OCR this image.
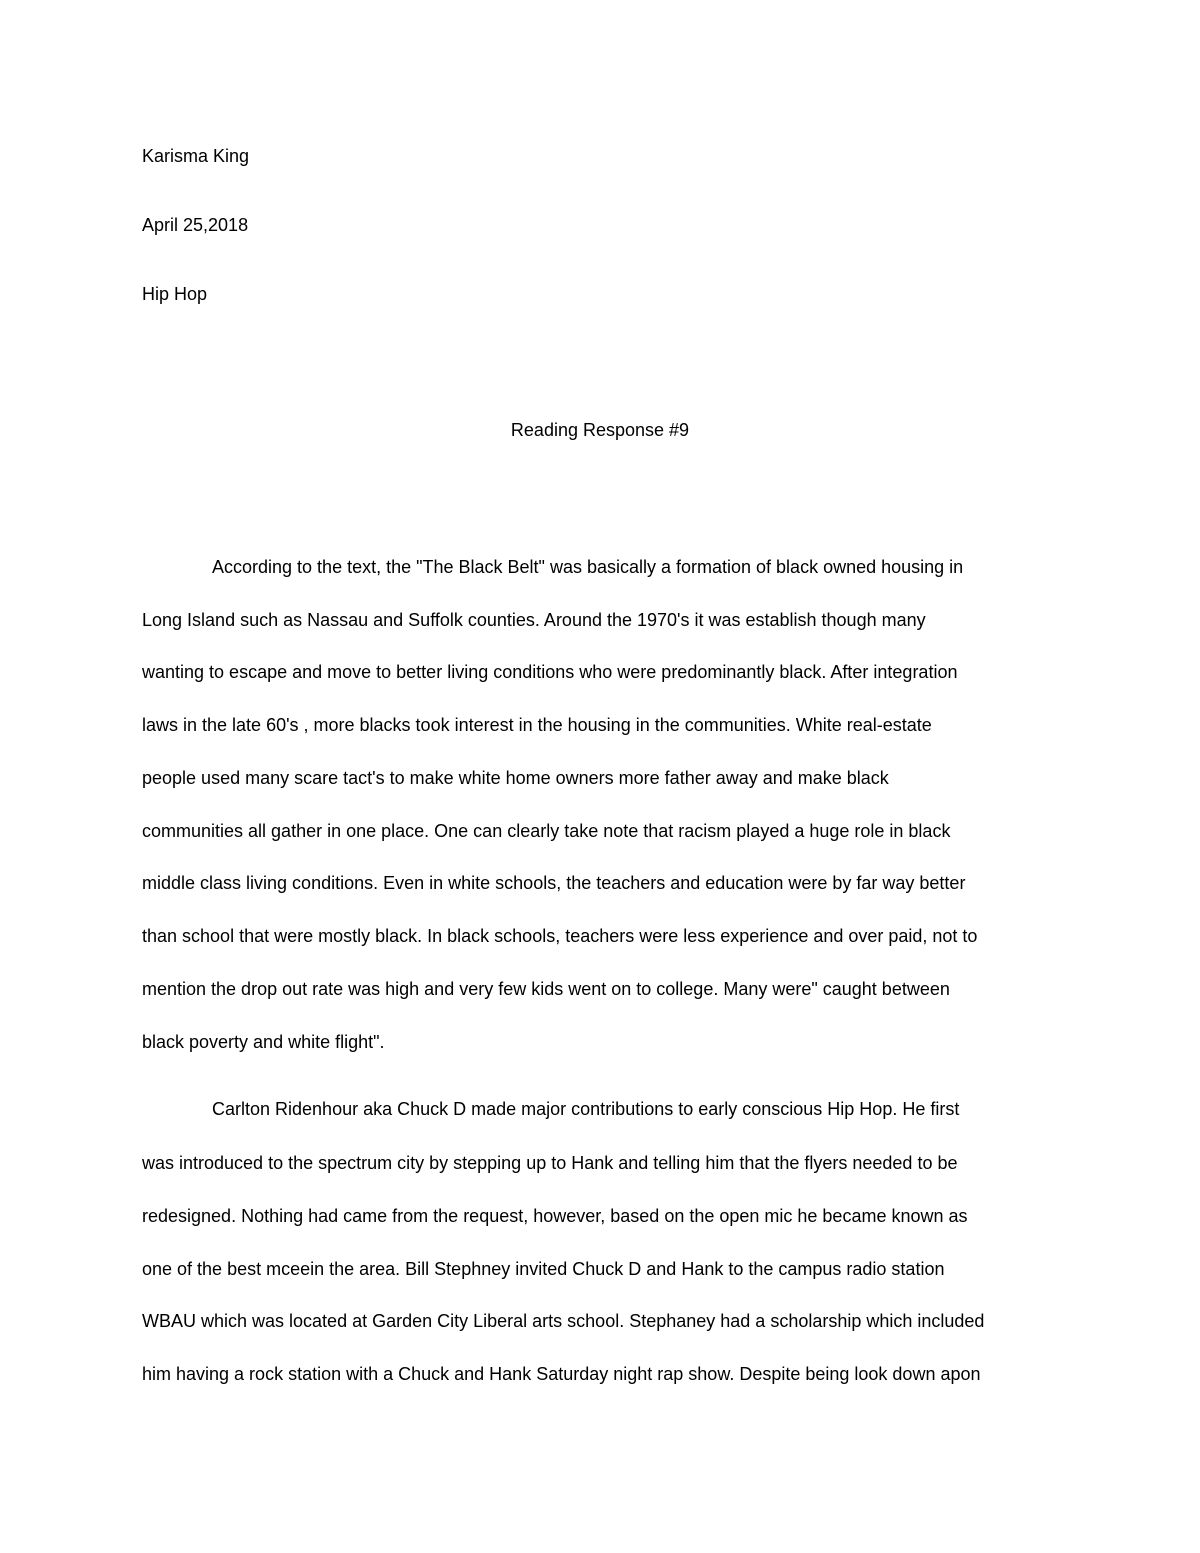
Karisma King
April 25,2018
Hip Hop
Reading Response #9
According to the text, the "The Black Belt" was basically a formation of black owned housing in
Long Island such as Nassau and Suffolk counties. Around the 1970's it was establish though many
wanting to escape and move to better living conditions who were predominantly black. After integration
laws in the late 60's , more blacks took interest in the housing in the communities. White real-estate
people used many scare tact's to make white home owners more father away and make black
communities all gather in one place. One can clearly take note that racism played a huge role in black
middle class living conditions. Even in white schools, the teachers and education were by far way better
than school that were mostly black. In black schools, teachers were less experience and over paid, not to
mention the drop out rate was high and very few kids went on to college. Many were" caught between
black poverty and white flight".
Carlton Ridenhour aka Chuck D made major contributions to early conscious Hip Hop. He first
was introduced to the spectrum city by stepping up to Hank and telling him that the flyers needed to be
redesigned. Nothing had came from the request, however, based on the open mic he became known as
one of the best mceein the area. Bill Stephney invited Chuck D and Hank to the campus radio station
WBAU which was located at Garden City Liberal arts school. Stephaney had a scholarship which included
him having a rock station with a Chuck and Hank Saturday night rap show. Despite being look down apon
